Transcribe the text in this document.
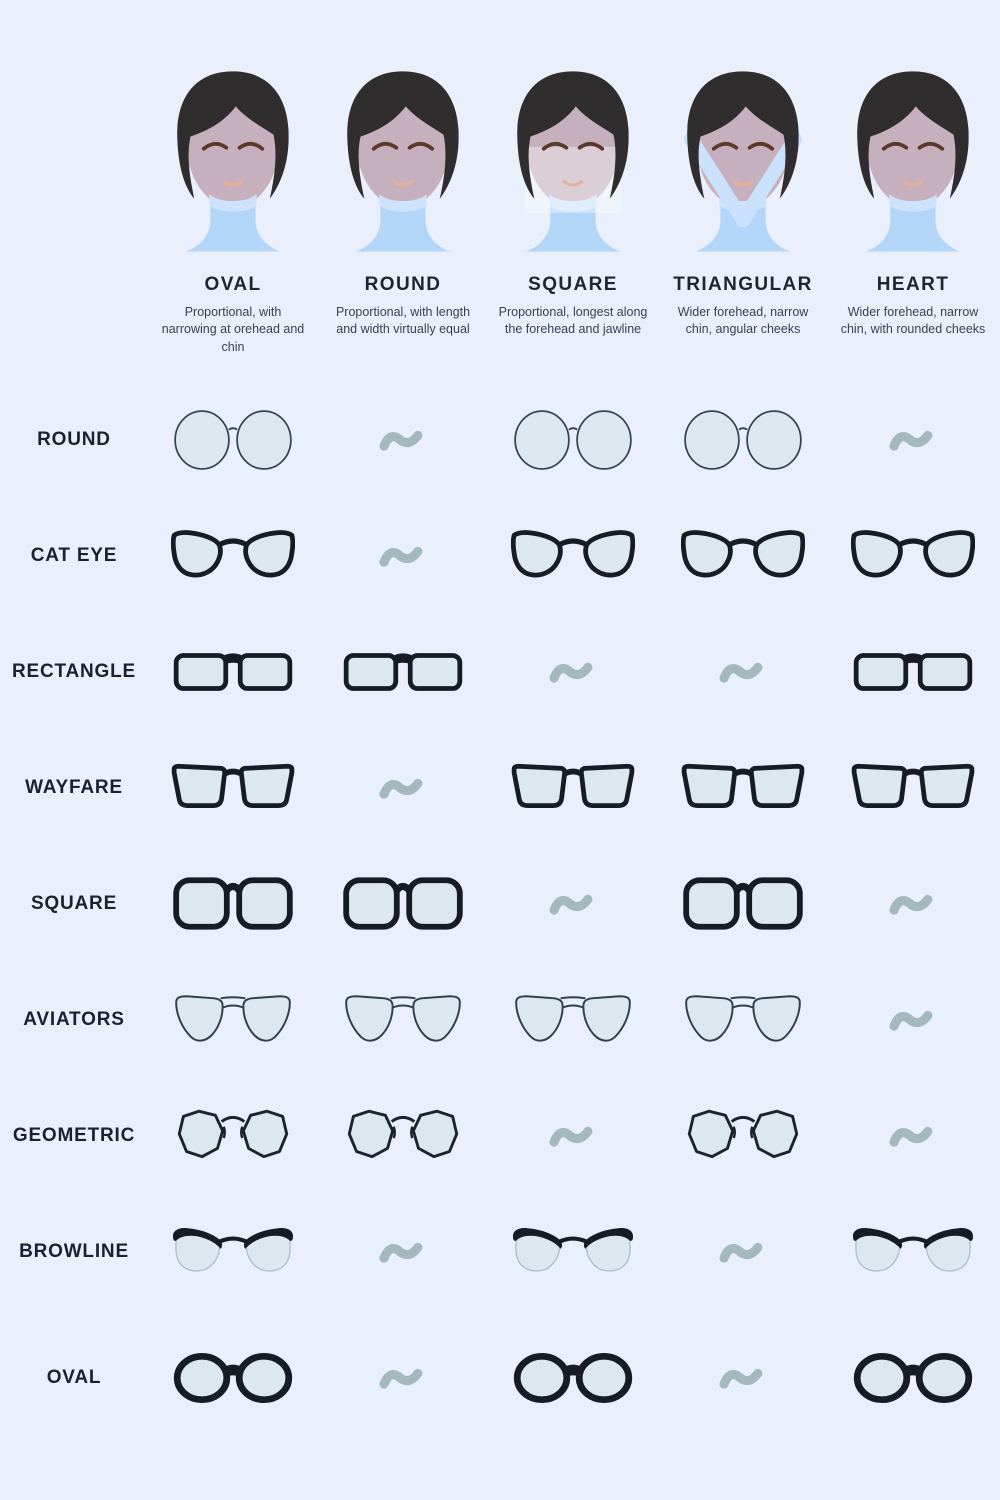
OVAL

Proportional, with narrowing at orehead and chin

ROUND

Proportional, with length and width virtually equal

SQUARE

Proportional, longest along the forehead and jawline

TRIANGULAR

Wider forehead, narrow chin, angular cheeks

HEART

Wider forehead, narrow chin, with rounded cheeks

ROUND
CAT EYE
RECTANGLE
WAYFARE
SQUARE
AVIATORS
GEOMETRIC
BROWLINE
OVAL
